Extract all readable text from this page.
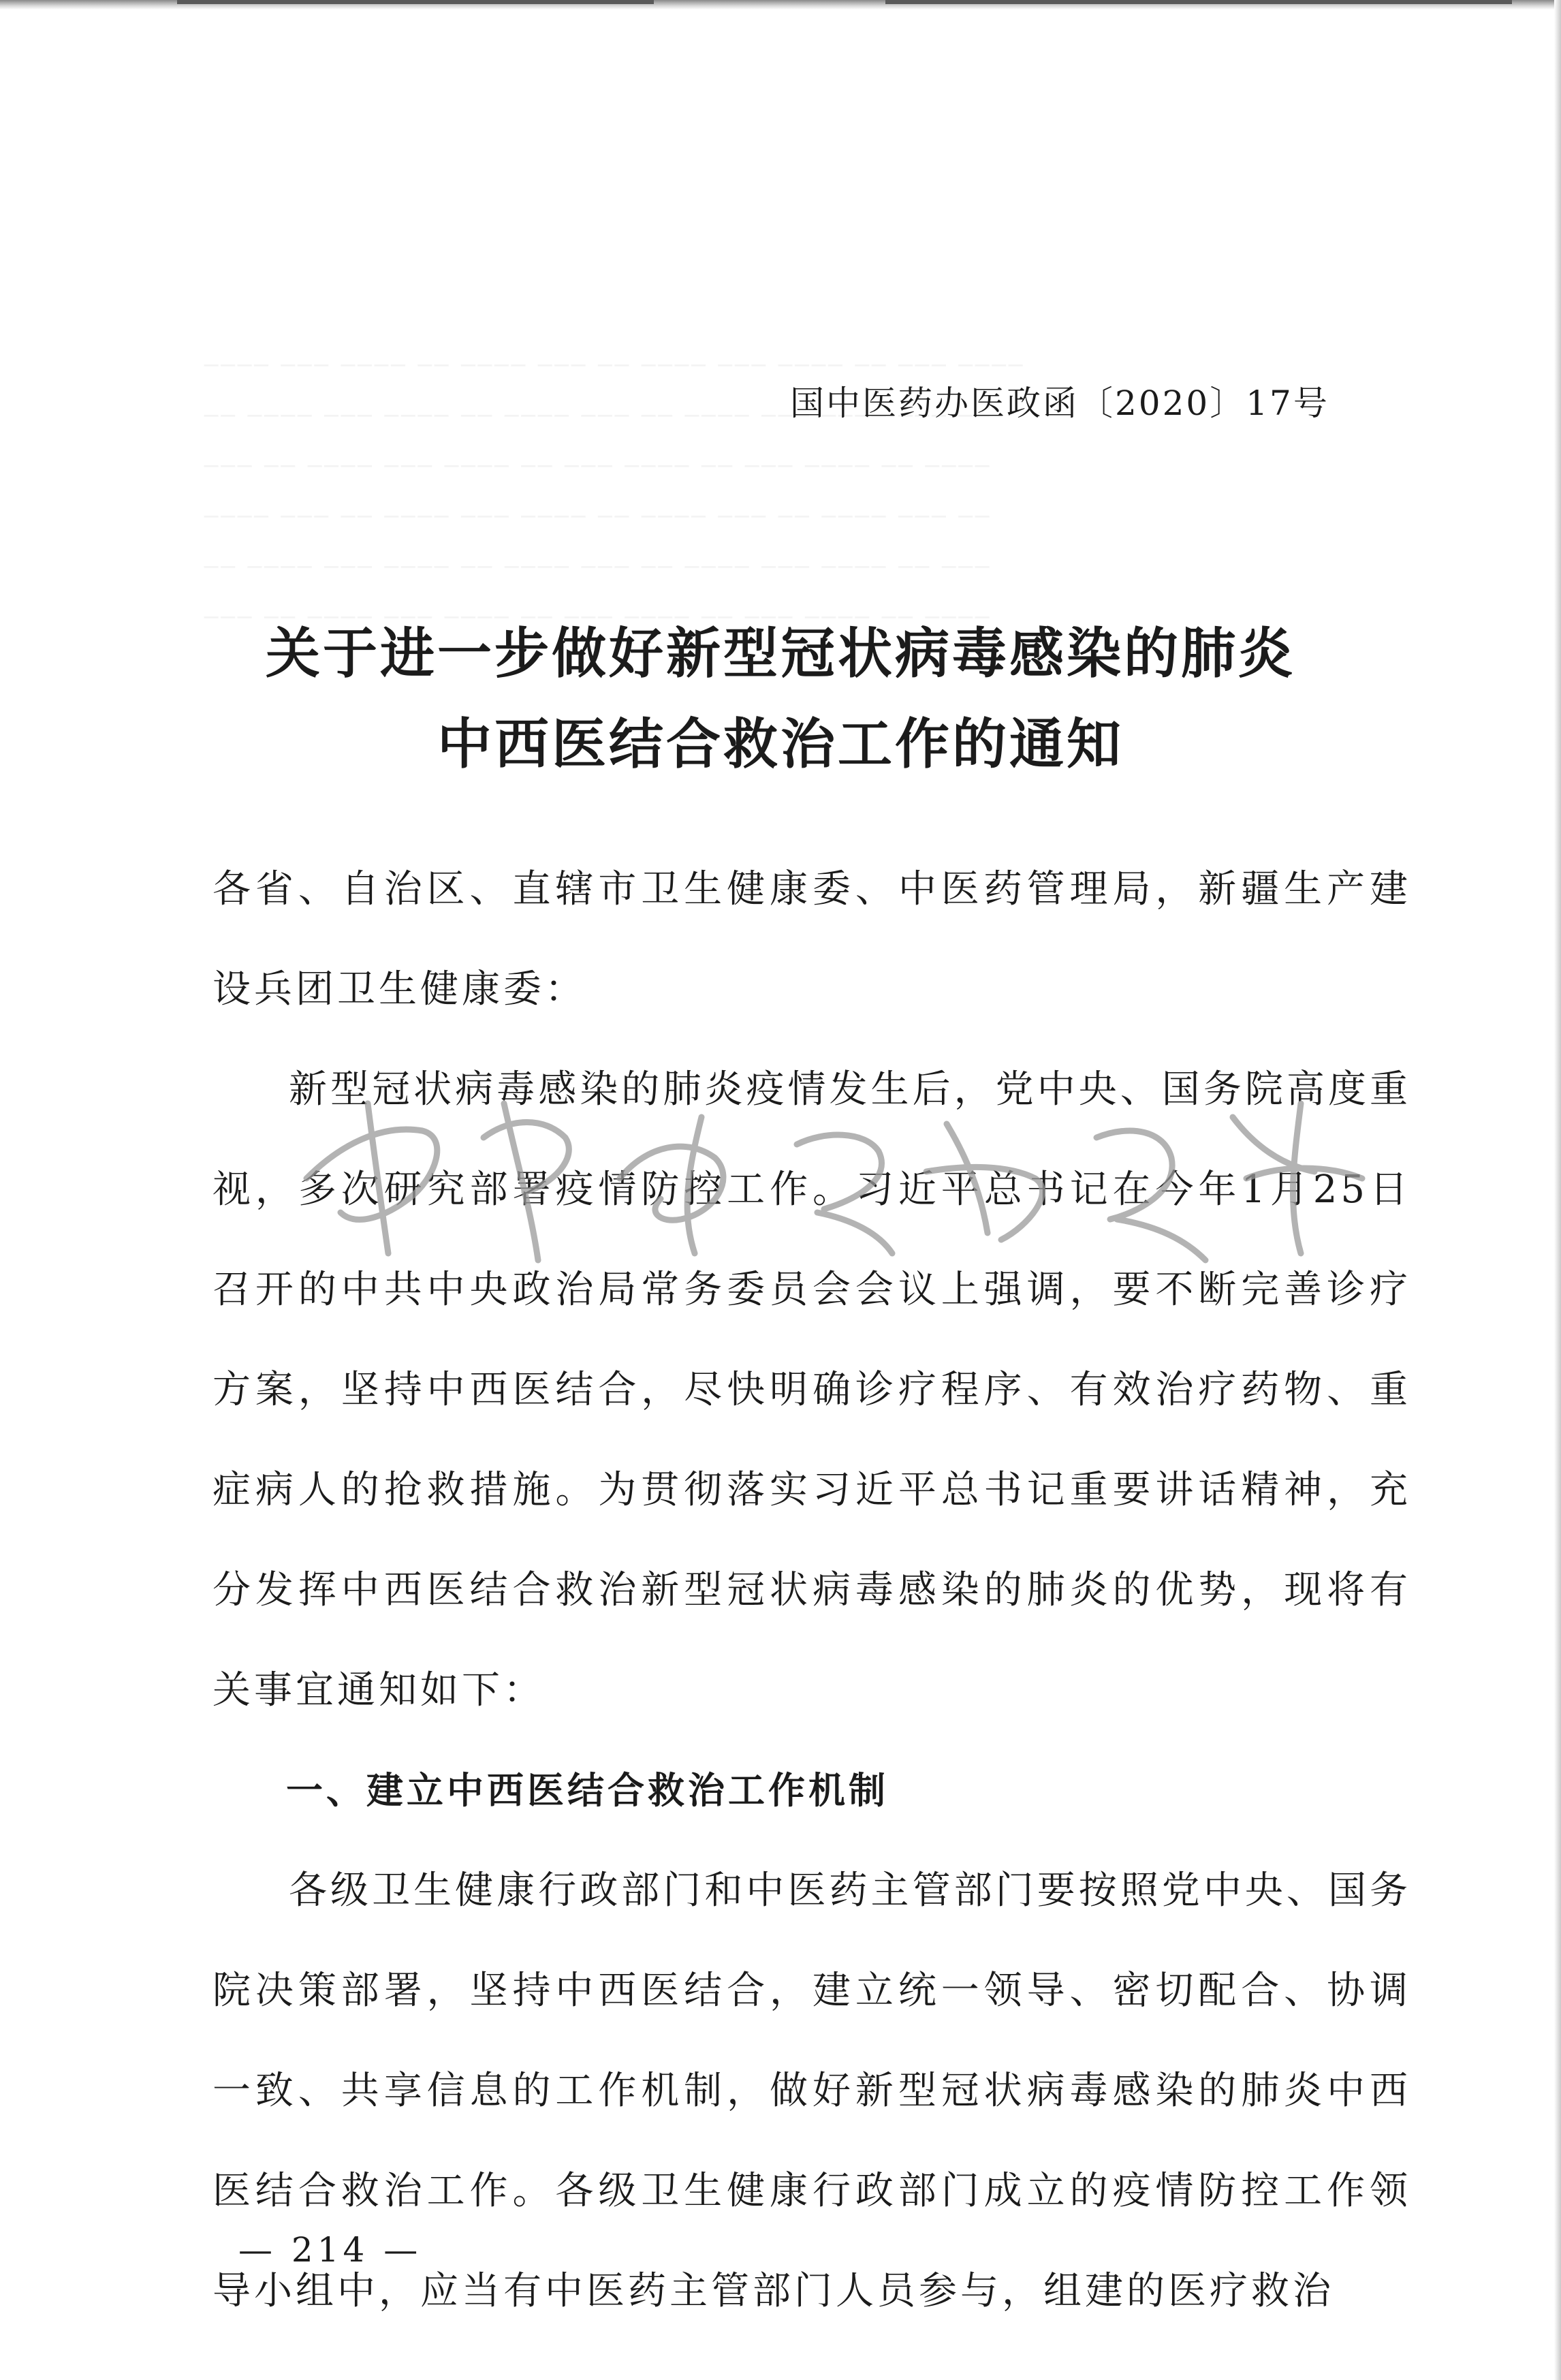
国中医药办医政函〔2020〕17号
关于进一步做好新型冠状病毒感染的肺炎
中西医结合救治工作的通知

各省、自治区、直辖市卫生健康委、中医药管理局，新疆生产建设兵团卫生健康委：

新型冠状病毒感染的肺炎疫情发生后，党中央、国务院高度重视，多次研究部署疫情防控工作。习近平总书记在今年1月25日召开的中共中央政治局常务委员会会议上强调，要不断完善诊疗方案，坚持中西医结合，尽快明确诊疗程序、有效治疗药物、重症病人的抢救措施。为贯彻落实习近平总书记重要讲话精神，充分发挥中西医结合救治新型冠状病毒感染的肺炎的优势，现将有关事宜通知如下：

一、建立中西医结合救治工作机制

各级卫生健康行政部门和中医药主管部门要按照党中央、国务院决策部署，坚持中西医结合，建立统一领导、密切配合、协调一致、共享信息的工作机制，做好新型冠状病毒感染的肺炎中西医结合救治工作。各级卫生健康行政部门成立的疫情防控工作领导小组中，应当有中医药主管部门人员参与，组建的医疗救治

— 214 —
